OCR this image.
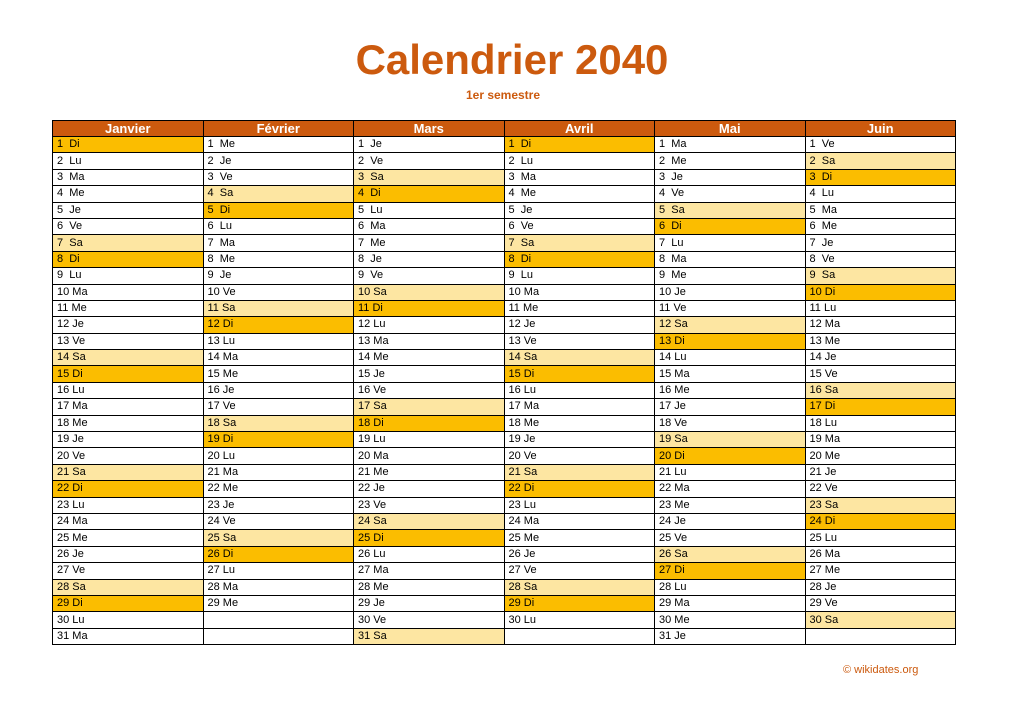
Calendrier 2040
1er semestre
Janvier	Février	Mars	Avril	Mai	Juin
1  Di	1  Me	1  Je	1  Di	1  Ma	1  Ve
2  Lu	2  Je	2  Ve	2  Lu	2  Me	2  Sa
3  Ma	3  Ve	3  Sa	3  Ma	3  Je	3  Di
4  Me	4  Sa	4  Di	4  Me	4  Ve	4  Lu
5  Je	5  Di	5  Lu	5  Je	5  Sa	5  Ma
6  Ve	6  Lu	6  Ma	6  Ve	6  Di	6  Me
7  Sa	7  Ma	7  Me	7  Sa	7  Lu	7  Je
8  Di	8  Me	8  Je	8  Di	8  Ma	8  Ve
9  Lu	9  Je	9  Ve	9  Lu	9  Me	9  Sa
10 Ma	10 Ve	10 Sa	10 Ma	10 Je	10 Di
11 Me	11 Sa	11 Di	11 Me	11 Ve	11 Lu
12 Je	12 Di	12 Lu	12 Je	12 Sa	12 Ma
13 Ve	13 Lu	13 Ma	13 Ve	13 Di	13 Me
14 Sa	14 Ma	14 Me	14 Sa	14 Lu	14 Je
15 Di	15 Me	15 Je	15 Di	15 Ma	15 Ve
16 Lu	16 Je	16 Ve	16 Lu	16 Me	16 Sa
17 Ma	17 Ve	17 Sa	17 Ma	17 Je	17 Di
18 Me	18 Sa	18 Di	18 Me	18 Ve	18 Lu
19 Je	19 Di	19 Lu	19 Je	19 Sa	19 Ma
20 Ve	20 Lu	20 Ma	20 Ve	20 Di	20 Me
21 Sa	21 Ma	21 Me	21 Sa	21 Lu	21 Je
22 Di	22 Me	22 Je	22 Di	22 Ma	22 Ve
23 Lu	23 Je	23 Ve	23 Lu	23 Me	23 Sa
24 Ma	24 Ve	24 Sa	24 Ma	24 Je	24 Di
25 Me	25 Sa	25 Di	25 Me	25 Ve	25 Lu
26 Je	26 Di	26 Lu	26 Je	26 Sa	26 Ma
27 Ve	27 Lu	27 Ma	27 Ve	27 Di	27 Me
28 Sa	28 Ma	28 Me	28 Sa	28 Lu	28 Je
29 Di	29 Me	29 Je	29 Di	29 Ma	29 Ve
30 Lu		30 Ve	30 Lu	30 Me	30 Sa
31 Ma		31 Sa		31 Je	
© wikidates.org
